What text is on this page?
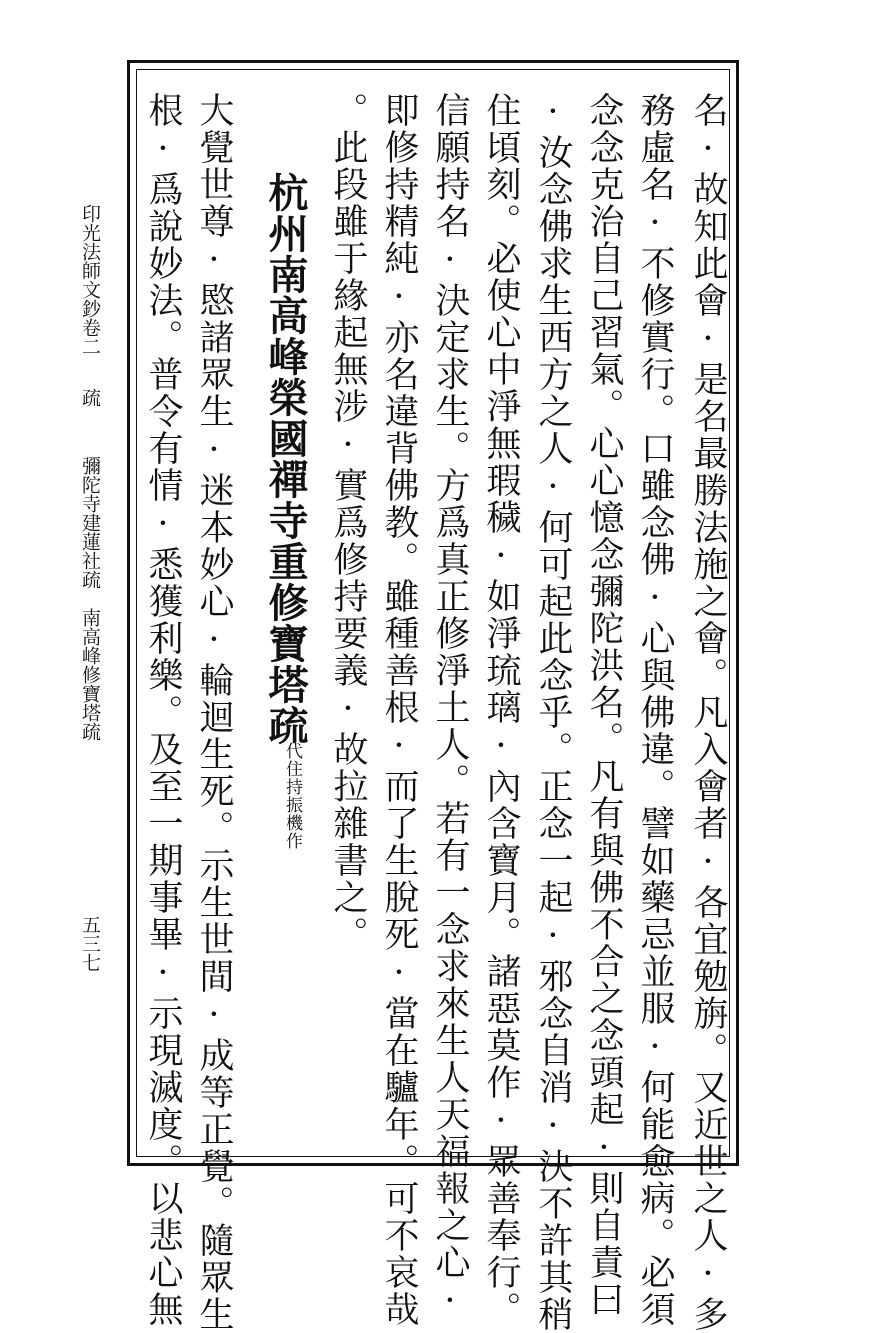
名·故知此會·是名最勝法施之會。凡入會者·各宜勉旃。又近世之人·多
務虛名·不修實行。口雖念佛·心與佛違。譬如藥忌並服·何能愈病。必須
念念克治自己習氣。心心憶念彌陀洪名。凡有與佛不合之念頭起·則自責曰
·汝念佛求生西方之人·何可起此念乎。正念一起·邪念自消·決不許其稍
住頃刻。必使心中淨無瑕穢·如淨琉璃·內含寶月。諸惡莫作·眾善奉行。
信願持名·決定求生。方爲真正修淨土人。若有一念求來生人天福報之心·
即修持精純·亦名違背佛教。雖種善根·而了生脫死·當在驢年。可不哀哉
。此段雖于緣起無涉·實爲修持要義·故拉雜書之。
杭州南高峰榮國禪寺重修寶塔疏
代住持振機作
大覺世尊·愍諸眾生·迷本妙心·輪迴生死。示生世間·成等正覺。隨眾生
根·爲說妙法。普令有情·悉獲利樂。及至一期事畢·示現滅度。以悲心無
印光法師文鈔卷二
疏
彌陀寺建蓮社疏　南高峰修寶塔疏
五三七
